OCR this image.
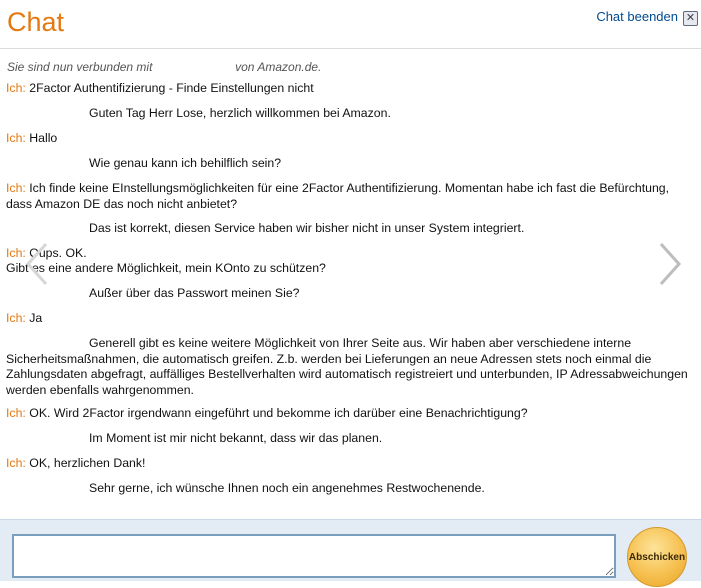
Chat	Chat beenden ✕
Sie sind nun verbunden mit	von Amazon.de.
Ich: 2Factor Authentifizierung - Finde Einstellungen nicht
Guten Tag Herr Lose, herzlich willkommen bei Amazon.
Ich: Hallo
Wie genau kann ich behilflich sein?
Ich: Ich finde keine EInstellungsmöglichkeiten für eine 2Factor Authentifizierung. Momentan habe ich fast die Befürchtung, dass Amazon DE das noch nicht anbietet?
Das ist korrekt, diesen Service haben wir bisher nicht in unser System integriert.
Ich: Oups. OK.
Gibt es eine andere Möglichkeit, mein KOnto zu schützen?
Außer über das Passwort meinen Sie?
Ich: Ja
Generell gibt es keine weitere Möglichkeit von Ihrer Seite aus. Wir haben aber verschiedene interne Sicherheitsmaßnahmen, die automatisch greifen. Z.b. werden bei Lieferungen an neue Adressen stets noch einmal die Zahlungsdaten abgefragt, auffälliges Bestellverhalten wird automatisch registreiert und unterbunden, IP Adressabweichungen werden ebenfalls wahrgenommen.
Ich: OK. Wird 2Factor irgendwann eingeführt und bekomme ich darüber eine Benachrichtigung?
Im Moment ist mir nicht bekannt, dass wir das planen.
Ich: OK, herzlichen Dank!
Sehr gerne, ich wünsche Ihnen noch ein angenehmes Restwochenende.
Abschicken
